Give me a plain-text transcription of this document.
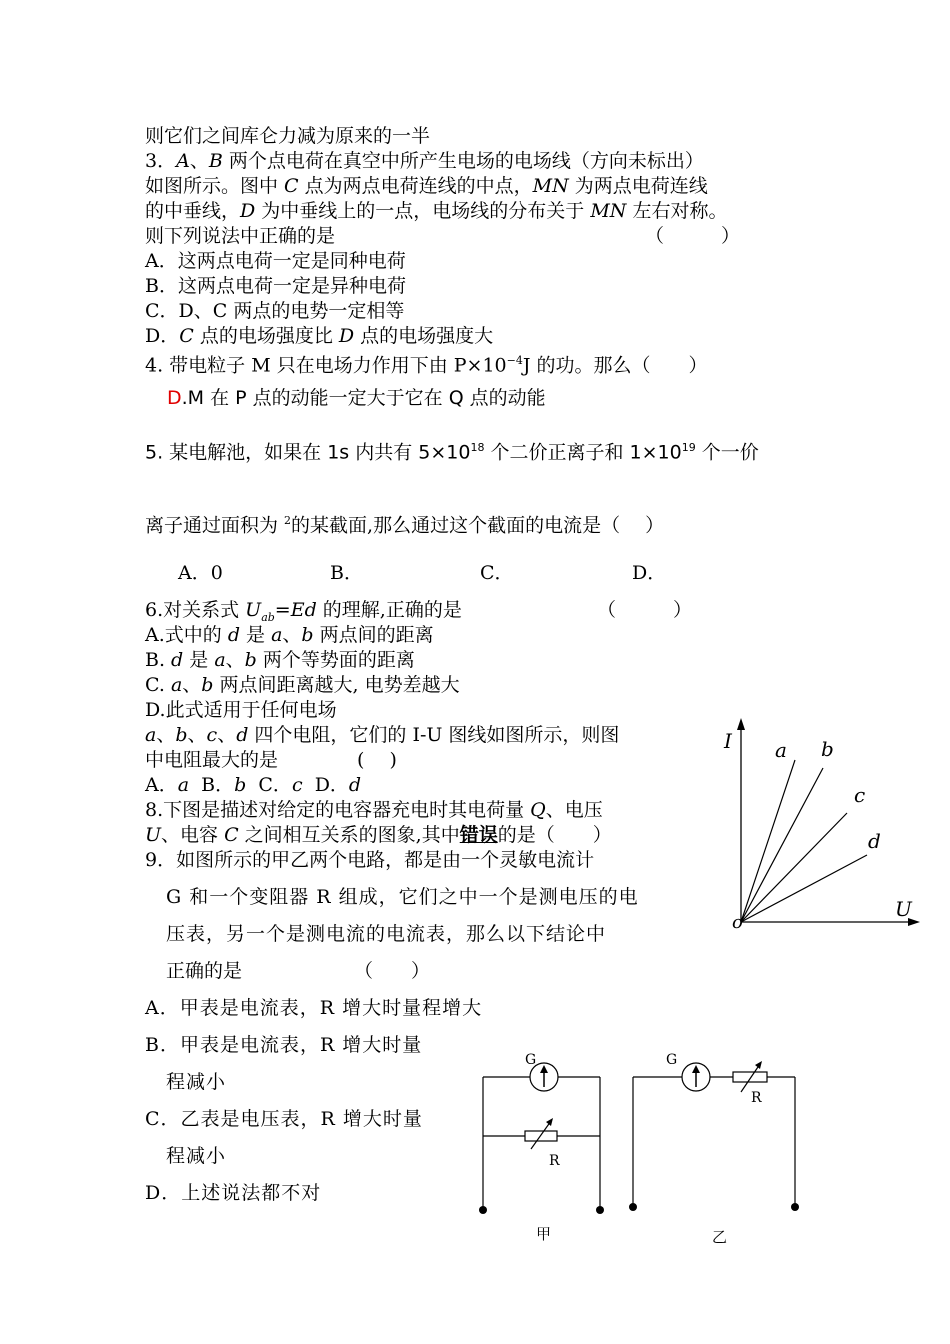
则它们之间库仑力减为原来的一半
3．A、B 两个点电荷在真空中所产生电场的电场线（方向未标出）
如图所示。图中 C 点为两点电荷连线的中点，MN 为两点电荷连线
的中垂线，D 为中垂线上的一点，电场线的分布关于 MN 左右对称。
则下列说法中正确的是	（　　　）
A．这两点电荷一定是同种电荷
B．这两点电荷一定是异种电荷
C．D、C 两点的电势一定相等
D．C 点的电场强度比 D 点的电场强度大
4. 带电粒子 M 只在电场力作用下由 $P\times 10^{-4}J$ 的功。那么（　　）
D.M 在 P 点的动能一定大于它在 Q 点的动能
5. 某电解池，如果在 1s 内共有 $5\times 10^{18}$ 个二价正离子和 $1\times 10^{19}$ 个一价
离子通过面积为 $^2$的某截面,那么通过这个截面的电流是（　 ）
A．0	B．	C．	D．
6.对关系式 $U_{ab}=Ed$ 的理解,正确的是	（　　　）
A.式中的 d 是 a、b 两点间的距离
B. d 是 a、b 两个等势面的距离
C. a、b 两点间距离越大, 电势差越大
D.此式适用于任何电场
a、b、c、d 四个电阻，它们的 I-U 图线如图所示，则图
中电阻最大的是	(　 )
A．a B．b C．c D．d
8.下图是描述对给定的电容器充电时其电荷量 Q、电压
U、电容 C 之间相互关系的图象,其中错误的是（　　）
9．如图所示的甲乙两个电路，都是由一个灵敏电流计
G 和一个变阻器 R 组成，它们之中一个是测电压的电
压表，另一个是测电流的电流表，那么以下结论中
正确的是	（　　）
A．甲表是电流表，R 增大时量程增大
B．甲表是电流表，R 增大时量
程减小
C．乙表是电压表，R 增大时量
程减小
D．上述说法都不对
I
U
o
a b
c
d
G
R
甲
G
R
乙
